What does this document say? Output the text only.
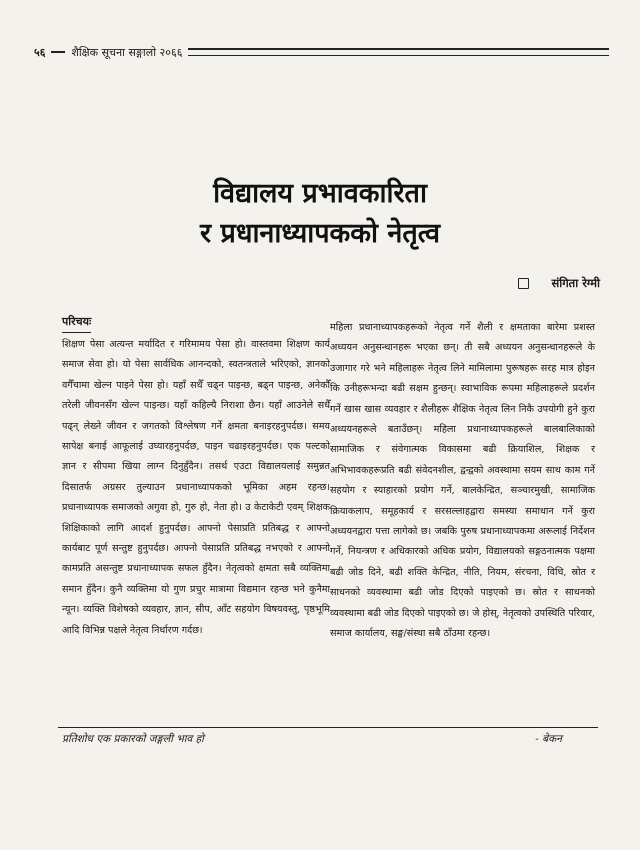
५६ शैक्षिक सूचना सङ्गालो २०६६
विद्यालय प्रभावकारिता
र प्रधानाध्यापकको नेतृत्व
संगिता रेग्मी
परिचयः
शिक्षण पेसा अत्यन्त मर्यादित र गरिमामय पेसा हो। वास्तवमा शिक्षण कार्य समाज सेवा हो। यो पेसा सार्वधिक आनन्दको, स्वतन्त्रताले भरिएको, ज्ञानको वगैँचामा खेल्न पाइने पेसा हो। यहाँ सधैँ चढ्न पाइन्छ, बढ्न पाइन्छ, अनेकौँ तरेली जीवनसँग खेल्न पाइन्छ। यहाँ कहिल्यै निराशा छैन। यहाँ आउनेले सधैँ पढ्न् लेख्ने जीवन र जगतको विश्लेषण गर्ने क्षमता बनाइरहनुपर्दछ। समय सापेक्ष बनाई आफूलाई उघ्यारहनुपर्दछ, पाइन चढाइरहनुपर्दछ। एक पल्टको ज्ञान र सीपमा खिया लाग्न दिनुहुँदैन। तसर्थ एउटा विद्यालयलाई समुन्नत दिसातर्फ अग्रसर तुल्याउन प्रधानाध्यापकको भूमिका अहम रहन्छ। प्रधानाध्यापक समाजको अगुवा हो, गुरु हो, नेता हो। उ केटाकेटी एवम् शिक्षक शिक्षिकाको लागि आदर्श हुनुपर्दछ। आफ्नो पेसाप्रति प्रतिबद्ध र आफ्नो कार्यबाट पूर्ण सन्तुष्ट हुनुपर्दछ। आफ्नो पेसाप्रति प्रतिबद्ध नभएको र आफ्नो कामप्रति असन्तुष्ट प्रधानाध्यापक सफल हुँदैन। नेतृत्वको क्षमता सबै व्यक्तिमा समान हुँदैन। कुनै व्यक्तिमा यो गुण प्रचुर मात्रामा विद्यमान रहन्छ भने कुनैमा न्यून। व्यक्ति विशेषको व्यवहार, ज्ञान, सीप, आँट सहयोग विषयवस्तु, पृष्ठभूमि आदि विभिन्न पक्षले नेतृत्व निर्धारण गर्दछ।
महिला प्रधानाध्यापकहरूको नेतृत्व गर्ने शैली र क्षमताका बारेमा प्रशस्त अध्ययन अनुसन्धानहरू भएका छन्। ती सबै अध्ययन अनुसन्धानहरूले के उजागार गरे भने महिलाहरू नेतृत्व लिने मामिलामा पुरूषहरू सरह मात्र होइन कि उनीहरूभन्दा बढी सक्षम हुन्छन्। स्वाभाविक रूपमा महिलाहरूले प्रदर्शन गर्ने खास खास व्यवहार र शैलीहरू शैक्षिक नेतृत्व लिन निकै उपयोगी हुने कुरा अध्ययनहरूले बताउँछन्। महिला प्रधानाध्यापकहरूले बालबालिकाको सामाजिक र संवेगात्मक विकासमा बढी क्रियाशिल, शिक्षक र अभिभावकहरूप्रति बढी संवेदनशील, द्वन्द्वको अवस्थामा सयम साथ काम गर्ने सहयोग र स्याहारको प्रयोग गर्ने, बालकेन्द्रित, सञ्चारमुखी, सामाजिक क्रियाकलाप, समूहकार्य र सरसल्लाहद्वारा समस्या समाधान गर्ने कुरा अध्ययनद्वारा पत्ता लागेको छ। जबकि पुरुष प्रधानाध्यापकमा अरूलाई निर्देशन गर्ने, नियन्त्रण र अधिकारको अधिक प्रयोग, विद्यालयको सङ्गठनात्मक पक्षमा बढी जोड दिने, बढी शक्ति केन्द्रित, नीति, नियम, संरचना, विधि, स्रोत र साधनको व्यवस्थामा बढी जोड दिएको पाइएको छ। स्रोत र साधनको व्यवस्थामा बढी जोड दिएको पाइएको छ। जे होस्, नेतृत्वको उपस्थिति परिवार, समाज कार्यालय, सङ्घ/संस्था सबै ठाँउमा रहन्छ।
प्रतिशोध एक प्रकारको जङ्गली भाव हो	- बेकन
